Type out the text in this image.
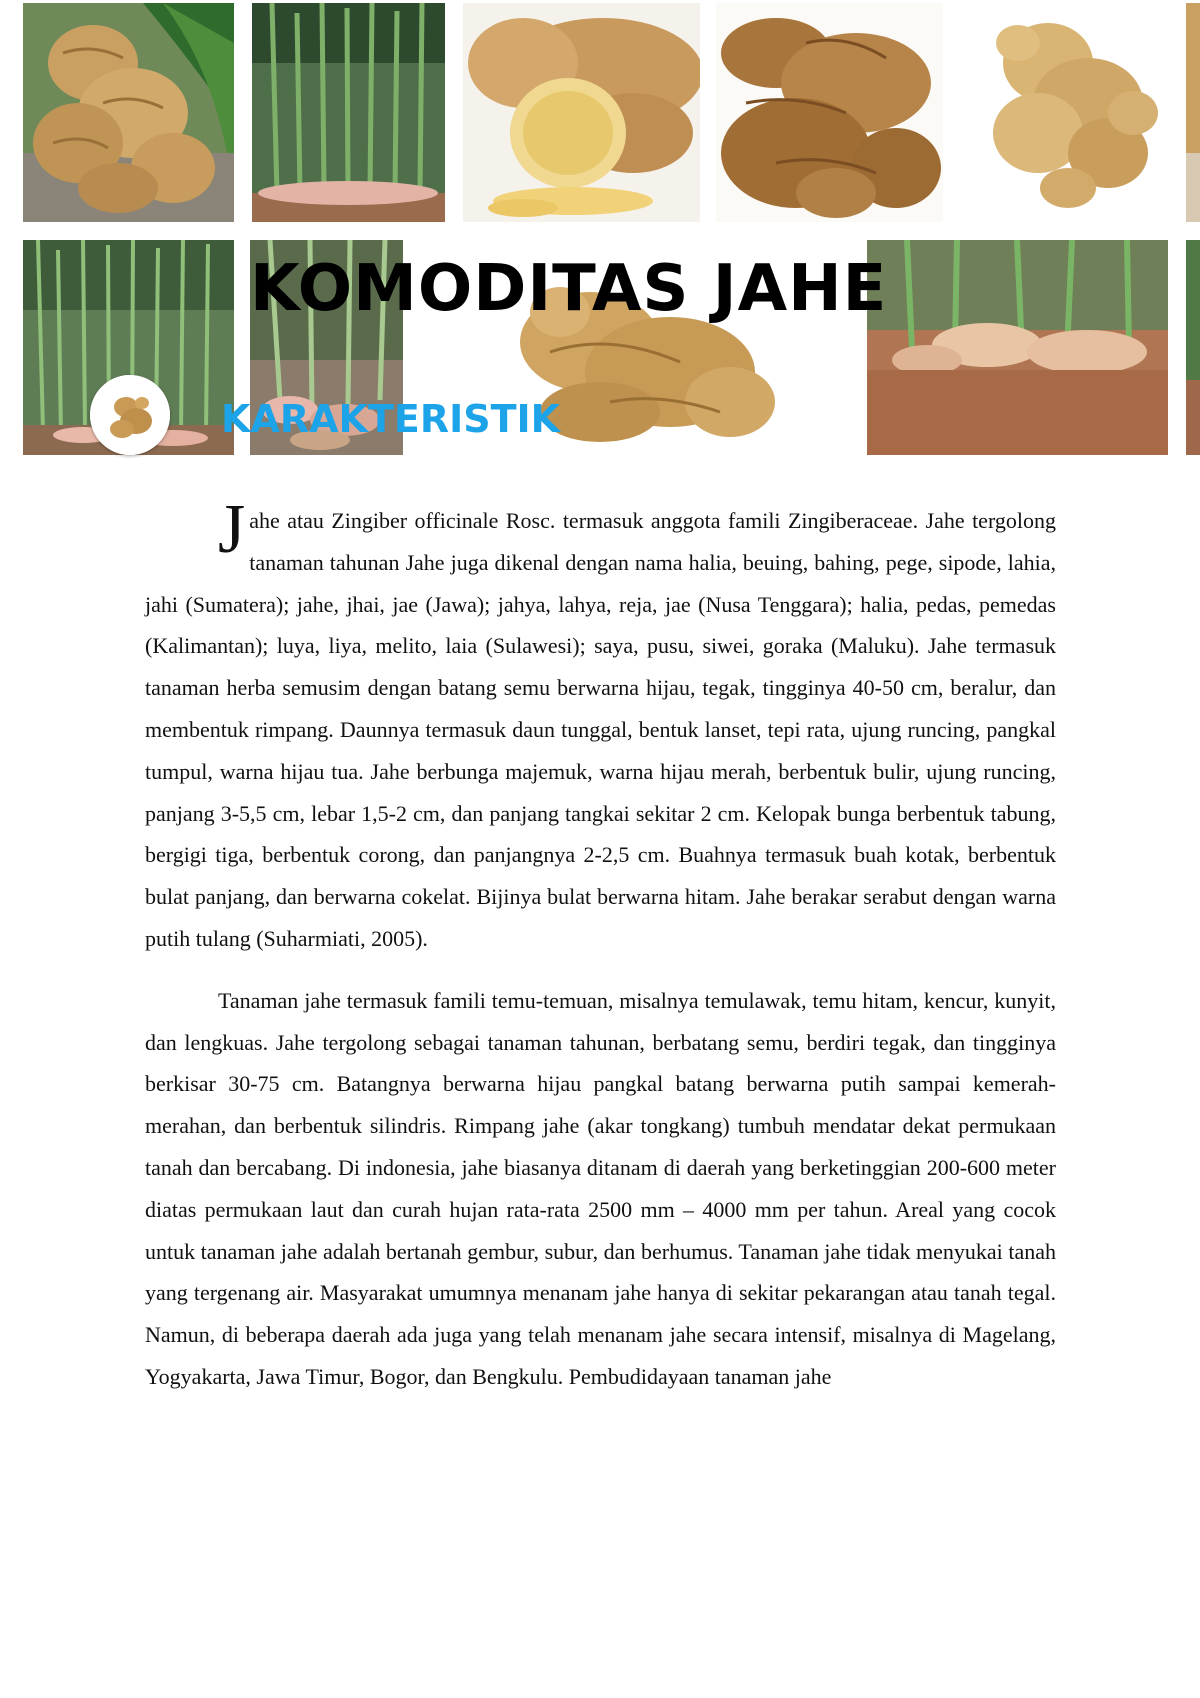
KOMODITAS JAHE
KARAKTERISTIK

Jahe atau Zingiber officinale Rosc. termasuk anggota famili Zingiberaceae. Jahe tergolong tanaman tahunan Jahe juga dikenal dengan nama halia, beuing, bahing, pege, sipode, lahia, jahi (Sumatera); jahe, jhai, jae (Jawa); jahya, lahya, reja, jae (Nusa Tenggara); halia, pedas, pemedas (Kalimantan); luya, liya, melito, laia (Sulawesi); saya, pusu, siwei, goraka (Maluku). Jahe termasuk tanaman herba semusim dengan batang semu berwarna hijau, tegak, tingginya 40-50 cm, beralur, dan membentuk rimpang. Daunnya termasuk daun tunggal, bentuk lanset, tepi rata, ujung runcing, pangkal tumpul, warna hijau tua. Jahe berbunga majemuk, warna hijau merah, berbentuk bulir, ujung runcing, panjang 3-5,5 cm, lebar 1,5-2 cm, dan panjang tangkai sekitar 2 cm. Kelopak bunga berbentuk tabung, bergigi tiga, berbentuk corong, dan panjangnya 2-2,5 cm. Buahnya termasuk buah kotak, berbentuk bulat panjang, dan berwarna cokelat. Bijinya bulat berwarna hitam. Jahe berakar serabut dengan warna putih tulang (Suharmiati, 2005).

Tanaman jahe termasuk famili temu-temuan, misalnya temulawak, temu hitam, kencur, kunyit, dan lengkuas. Jahe tergolong sebagai tanaman tahunan, berbatang semu, berdiri tegak, dan tingginya berkisar 30-75 cm. Batangnya berwarna hijau pangkal batang berwarna putih sampai kemerah-merahan, dan berbentuk silindris. Rimpang jahe (akar tongkang) tumbuh mendatar dekat permukaan tanah dan bercabang. Di indonesia, jahe biasanya ditanam di daerah yang berketinggian 200-600 meter diatas permukaan laut dan curah hujan rata-rata 2500 mm – 4000 mm per tahun. Areal yang cocok untuk tanaman jahe adalah bertanah gembur, subur, dan berhumus. Tanaman jahe tidak menyukai tanah yang tergenang air. Masyarakat umumnya menanam jahe hanya di sekitar pekarangan atau tanah tegal. Namun, di beberapa daerah ada juga yang telah menanam jahe secara intensif, misalnya di Magelang, Yogyakarta, Jawa Timur, Bogor, dan Bengkulu. Pembudidayaan tanaman jahe
